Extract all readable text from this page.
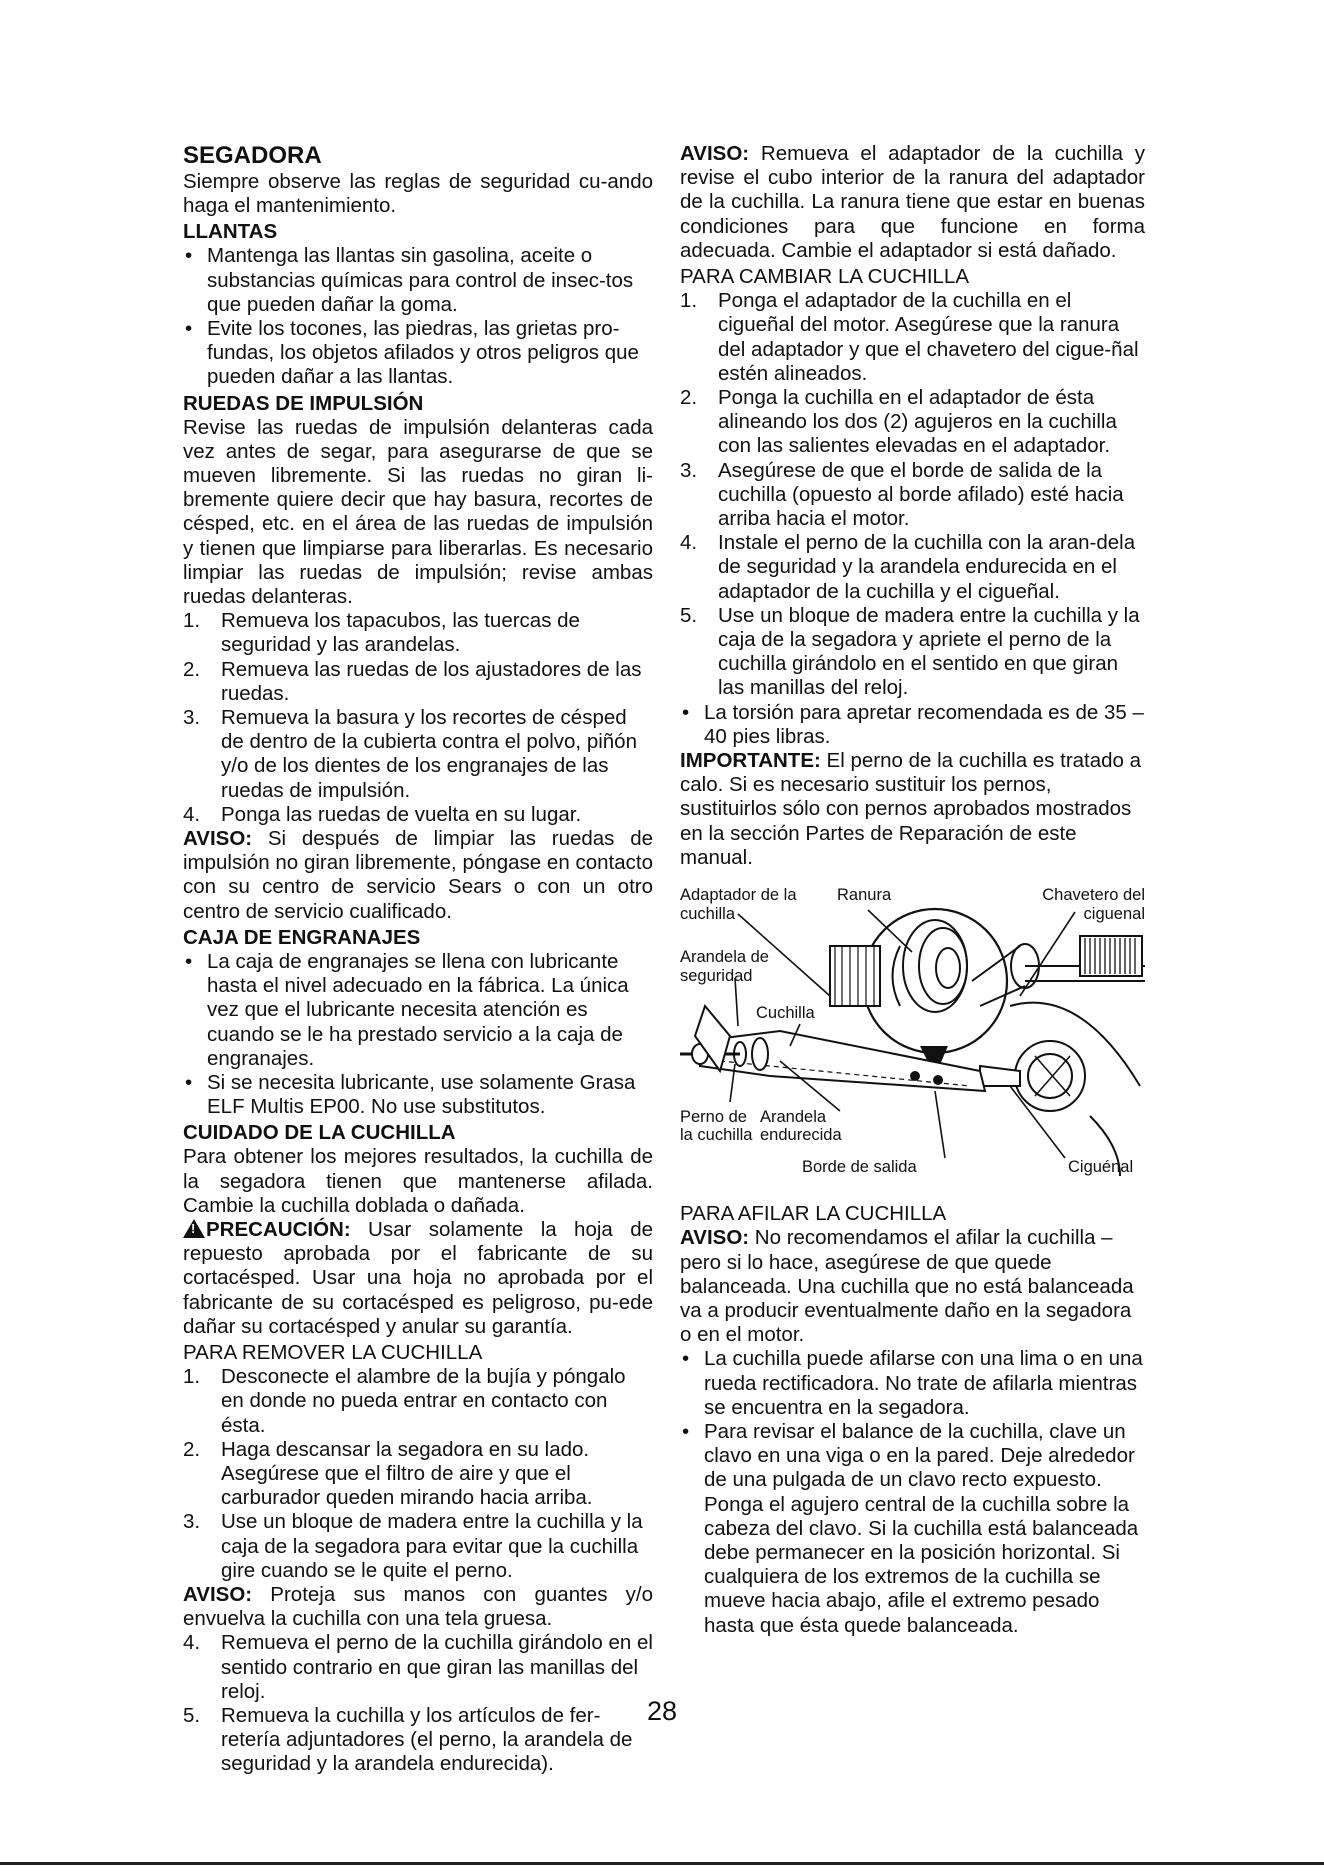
SEGADORA

Siempre observe las reglas de seguridad cu-ando haga el mantenimiento.

LLANTAS
• Mantenga las llantas sin gasolina, aceite o substancias químicas para control de insec-tos que pueden dañar la goma.
• Evite los tocones, las piedras, las grietas pro-fundas, los objetos afilados y otros peligros que pueden dañar a las llantas.
RUEDAS DE IMPULSIÓN

Revise las ruedas de impulsión delanteras cada vez antes de segar, para asegurarse de que se mueven libremente. Si las ruedas no giran li-bremente quiere decir que hay basura, recortes de césped, etc. en el área de las ruedas de impulsión y tienen que limpiarse para liberarlas. Es necesario limpiar las ruedas de impulsión; revise ambas ruedas delanteras.

1. Remueva los tapacubos, las tuercas de seguridad y las arandelas.
2. Remueva las ruedas de los ajustadores de las ruedas.
3. Remueva la basura y los recortes de césped de dentro de la cubierta contra el polvo, piñón y/o de los dientes de los engranajes de las ruedas de impulsión.
4. Ponga las ruedas de vuelta en su lugar.

AVISO: Si después de limpiar las ruedas de impulsión no giran libremente, póngase en contacto con su centro de servicio Sears o con un otro centro de servicio cualificado.

CAJA DE ENGRANAJES
• La caja de engranajes se llena con lubricante hasta el nivel adecuado en la fábrica. La única vez que el lubricante necesita atención es cuando se le ha prestado servicio a la caja de engranajes.
• Si se necesita lubricante, use solamente Grasa ELF Multis EP00. No use substitutos.
CUIDADO DE LA CUCHILLA

Para obtener los mejores resultados, la cuchilla de la segadora tienen que mantenerse afilada. Cambie la cuchilla doblada o dañada.

!PRECAUCIÓN: Usar solamente la hoja de repuesto aprobada por el fabricante de su cortacésped. Usar una hoja no aprobada por el fabricante de su cortacésped es peligroso, pu-ede dañar su cortacésped y anular su garantía.

PARA REMOVER LA CUCHILLA
1. Desconecte el alambre de la bujía y póngalo en donde no pueda entrar en contacto con ésta.
2. Haga descansar la segadora en su lado. Asegúrese que el filtro de aire y que el carburador queden mirando hacia arriba.
3. Use un bloque de madera entre la cuchilla y la caja de la segadora para evitar que la cuchilla gire cuando se le quite el perno.

AVISO: Proteja sus manos con guantes y/o envuelva la cuchilla con una tela gruesa.

4. Remueva el perno de la cuchilla girándolo en el sentido contrario en que giran las manillas del reloj.
5. Remueva la cuchilla y los artículos de fer-retería adjuntadores (el perno, la arandela de seguridad y la arandela endurecida).

AVISO: Remueva el adaptador de la cuchilla y revise el cubo interior de la ranura del adaptador de la cuchilla. La ranura tiene que estar en buenas condiciones para que funcione en forma adecuada. Cambie el adaptador si está dañado.

PARA CAMBIAR LA CUCHILLA
1. Ponga el adaptador de la cuchilla en el cigueñal del motor. Asegúrese que la ranura del adaptador y que el chavetero del cigue-ñal estén alineados.
2. Ponga la cuchilla en el adaptador de ésta alineando los dos (2) agujeros en la cuchilla con las salientes elevadas en el adaptador.
3. Asegúrese de que el borde de salida de la cuchilla (opuesto al borde afilado) esté hacia arriba hacia el motor.
4. Instale el perno de la cuchilla con la aran-dela de seguridad y la arandela endurecida en el adaptador de la cuchilla y el cigueñal.
5. Use un bloque de madera entre la cuchilla y la caja de la segadora y apriete el perno de la cuchilla girándolo en el sentido en que giran las manillas del reloj.
• La torsión para apretar recomendada es de 35 – 40 pies libras.

IMPORTANTE: El perno de la cuchilla es tratado a calo. Si es necesario sustituir los pernos, sustituirlos sólo con pernos aprobados mostrados en la sección Partes de Reparación de este manual.

Adaptador de la cuchilla
Ranura	Chavetero del ciguenal
Arandela de seguridad
Cuchilla
Perno de la cuchilla
Arandela endurecida
Borde de salida	Ciguénal
PARA AFILAR LA CUCHILLA

AVISO: No recomendamos el afilar la cuchilla – pero si lo hace, asegúrese de que quede balanceada. Una cuchilla que no está balanceada va a producir eventualmente daño en la segadora o en el motor.

• La cuchilla puede afilarse con una lima o en una rueda rectificadora. No trate de afilarla mientras se encuentra en la segadora.
• Para revisar el balance de la cuchilla, clave un clavo en una viga o en la pared. Deje alrededor de una pulgada de un clavo recto expuesto. Ponga el agujero central de la cuchilla sobre la cabeza del clavo. Si la cuchilla está balanceada debe permanecer en la posición horizontal. Si cualquiera de los extremos de la cuchilla se mueve hacia abajo, afile el extremo pesado hasta que ésta quede balanceada.
28
